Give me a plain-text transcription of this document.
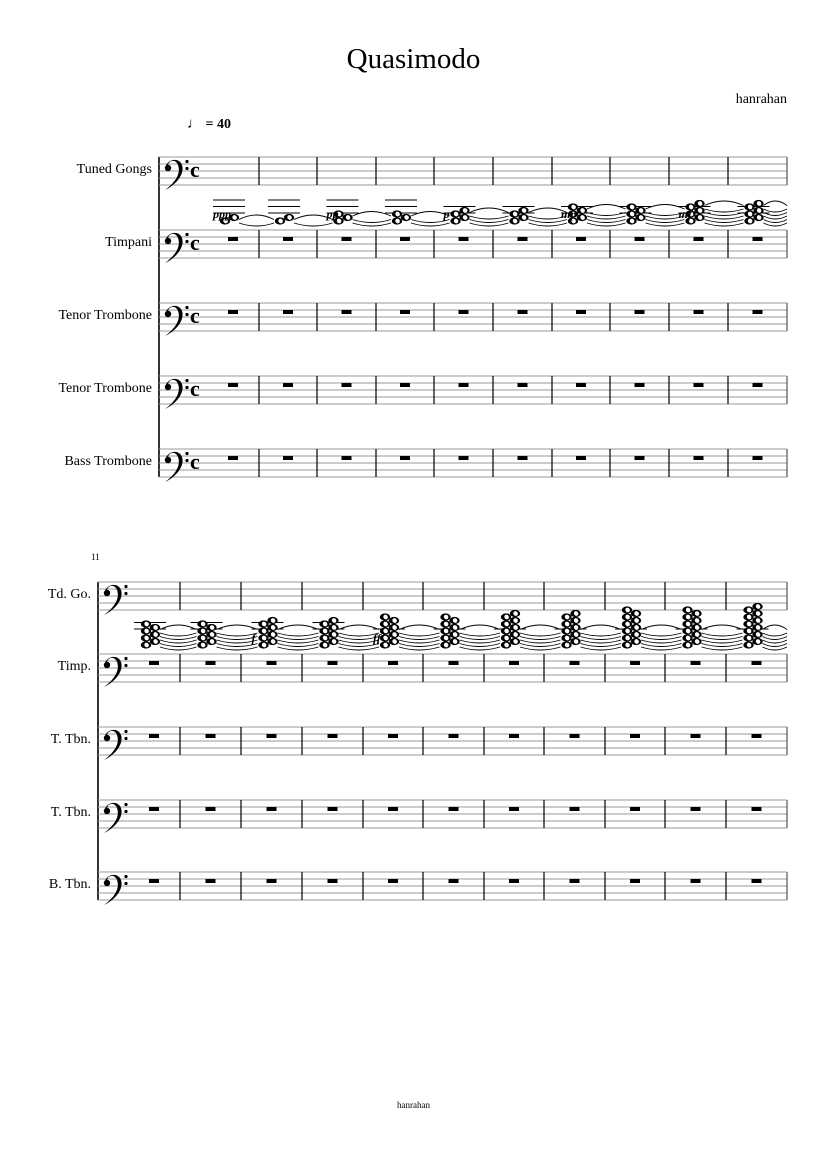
Quasimodo
hanrahan
♩ = 40
c
c
c
c
c
ppp	pp	p	mp	mf
11
f	ff
Tuned Gongs
Timpani
Tenor Trombone
Tenor Trombone
Bass Trombone
Td. Go.
Timp.
T. Tbn.
T. Tbn.
B. Tbn.
hanrahan
